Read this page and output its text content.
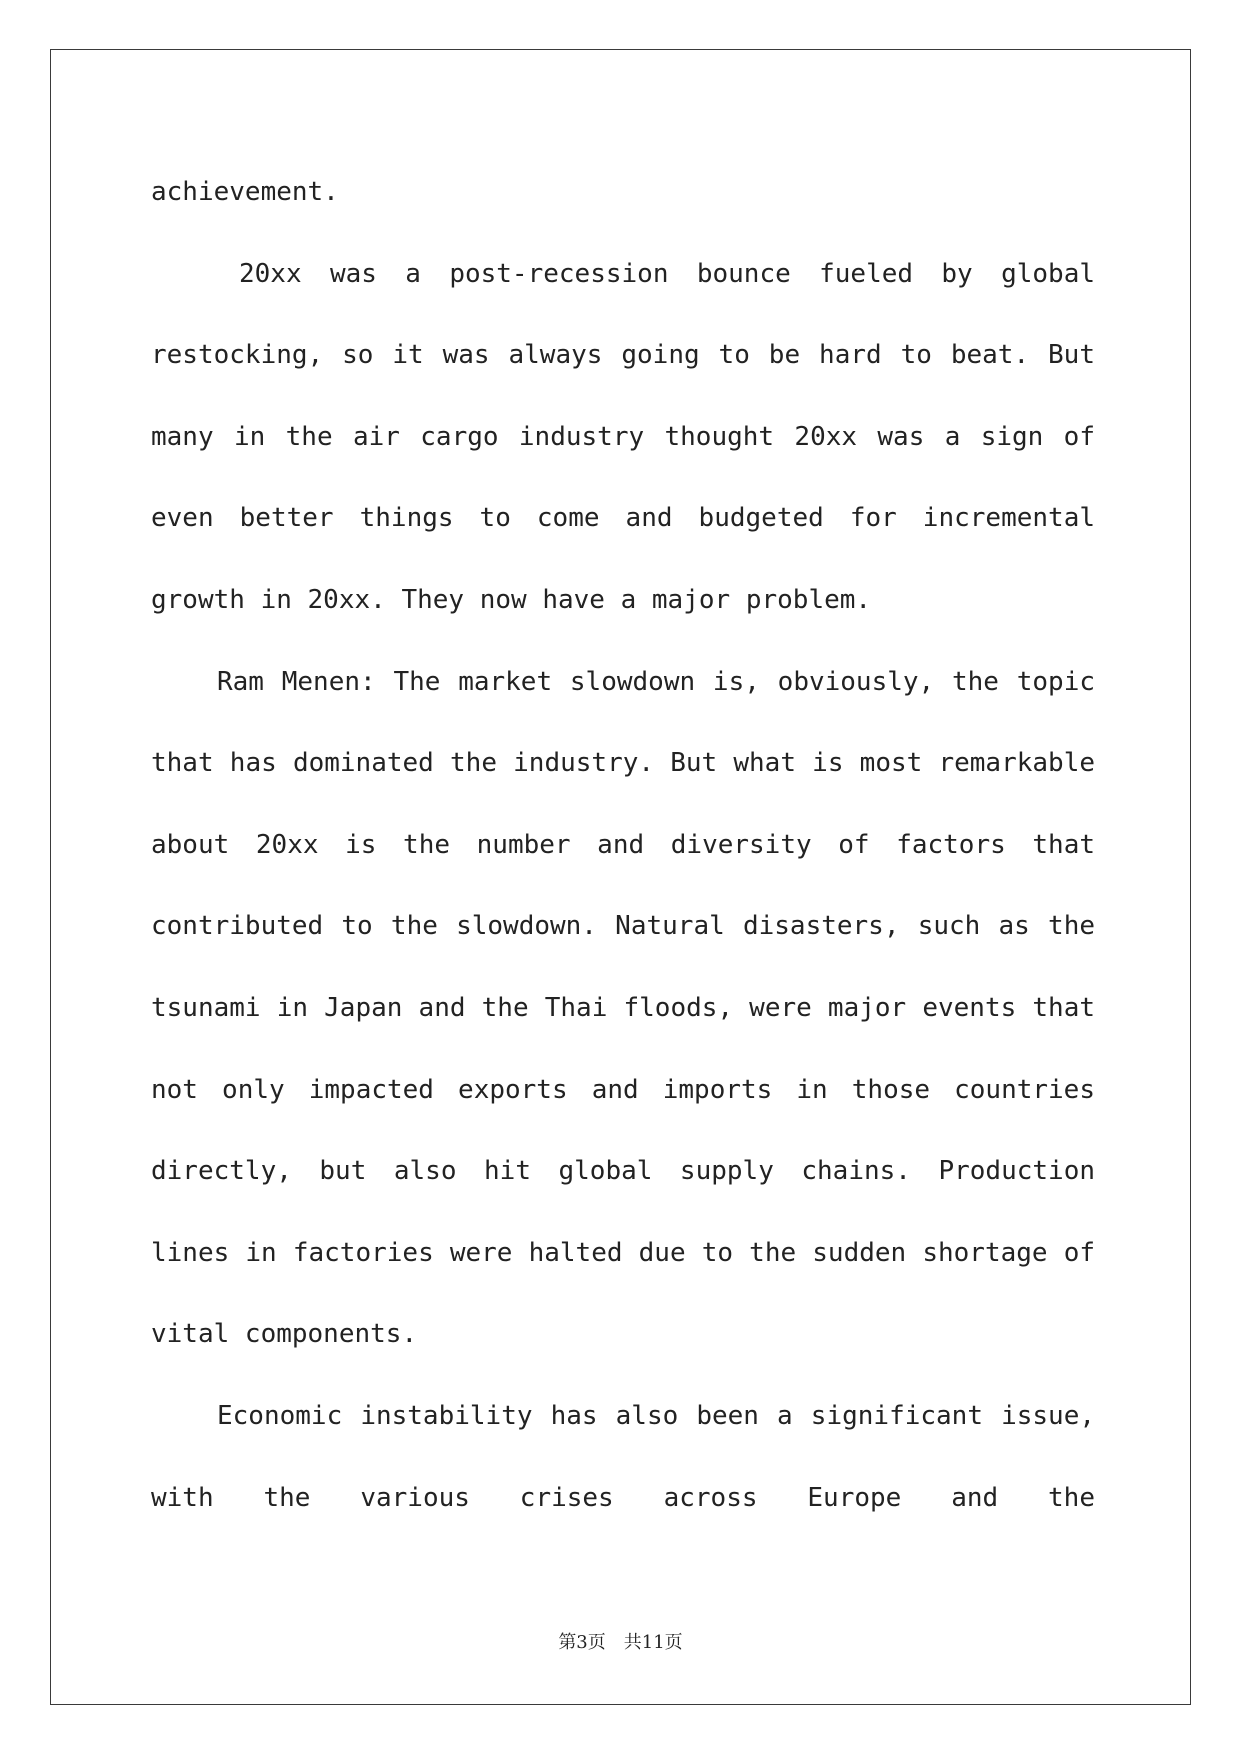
achievement.
20xx was a post-recession bounce fueled by global
restocking, so it was always going to be hard to beat. But
many in the air cargo industry thought 20xx was a sign of
even better things to come and budgeted for incremental
growth in 20xx. They now have a major problem.
Ram Menen: The market slowdown is, obviously, the topic
that has dominated the industry. But what is most remarkable
about 20xx is the number and diversity of factors that
contributed to the slowdown. Natural disasters, such as the
tsunami in Japan and the Thai floods, were major events that
not only impacted exports and imports in those countries
directly, but also hit global supply chains. Production
lines in factories were halted due to the sudden shortage of
vital components.
Economic instability has also been a significant issue,
with the various crises across Europe and the
第3页　共11页
